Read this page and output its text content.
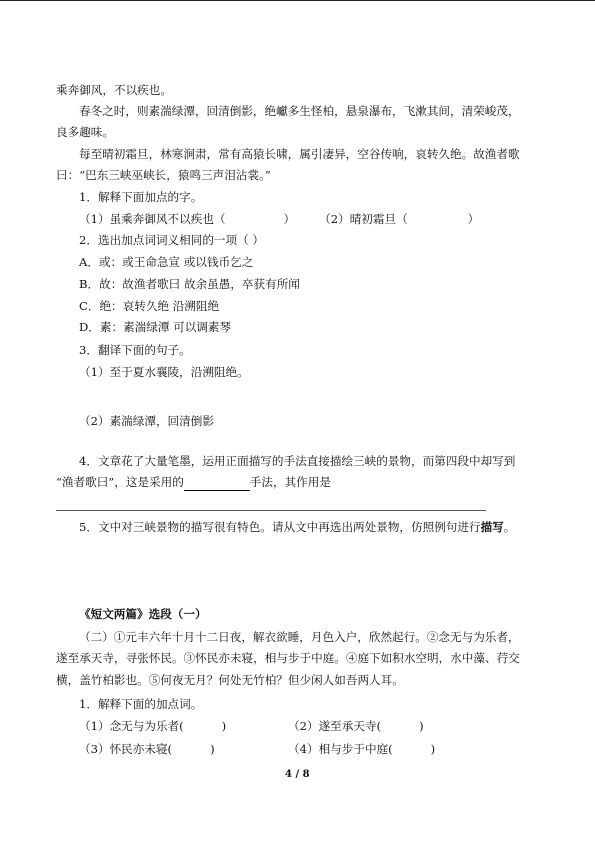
乘奔御风，不以疾也。
春冬之时，则素湍绿潭，回清倒影，绝巘多生怪柏，悬泉瀑布，飞漱其间，清荣峻茂，
良多趣味。
每至晴初霜旦，林寒涧肃，常有高猿长啸，属引凄异，空谷传响，哀转久绝。故渔者歌
曰：“巴东三峡巫峡长，猿鸣三声泪沾裳。”
1．解释下面加点的字。
（1）虽乘奔御风不以疾也（	） （2）晴初霜旦（	）
2．选出加点词词义相同的一项（ ）
A．或：或王命急宣 或以钱币乞之
B．故：故渔者歌曰 故余虽愚，卒获有所闻
C．绝：哀转久绝 沿溯阻绝
D．素：素湍绿潭 可以调素琴
3．翻译下面的句子。
（1）至于夏水襄陵，沿溯阻绝。
（2）素湍绿潭，回清倒影
4．文章花了大量笔墨，运用正面描写的手法直接描绘三峡的景物，而第四段中却写到
“渔者歌曰”，这是采用的	手法，其作用是
5．文中对三峡景物的描写很有特色。请从文中再选出两处景物，仿照例句进行描写。
《短文两篇》选段（一）
（二）①元丰六年十月十二日夜，解衣欲睡，月色入户，欣然起行。②念无与为乐者，
遂至承天寺，寻张怀民。③怀民亦未寝，相与步于中庭。④庭下如积水空明，水中藻、荇交
横，盖竹柏影也。⑤何夜无月？何处无竹柏？但少闲人如吾两人耳。
1．解释下面的加点词。
（1）念无与为乐者(	)	（2）遂至承天寺(	)
（3）怀民亦未寝(	)	（4）相与步于中庭(	)
4 / 8
